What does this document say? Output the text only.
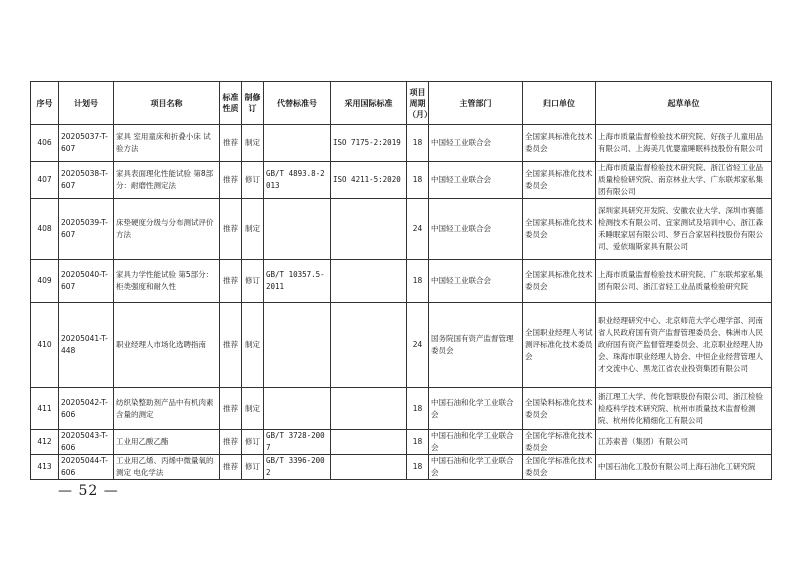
序号	计划号	项目名称	标准性质	制修订	代替标准号	采用国际标准	项目周期（月）	主管部门	归口单位	起草单位
406	20205037-T-607	家具 室用童床和折叠小床 试验方法	推荐	制定		ISO 7175-2:2019	18	中国轻工业联合会	全国家具标准化技术委员会	上海市质量监督检验技术研究院、好孩子儿童用品有限公司、上海美几优婴童睡眠科技股份有限公司
407	20205038-T-607	家具表面理化性能试验 第8部分：耐磨性测定法	推荐	修订	GB/T 4893.8-2013	ISO 4211-5:2020	18	中国轻工业联合会	全国家具标准化技术委员会	上海市质量监督检验技术研究院、浙江省轻工业品质量检验研究院、南京林业大学、广东联邦家私集团有限公司
408	20205039-T-607	床垫硬度分级与分布测试评价方法	推荐	制定			24	中国轻工业联合会	全国家具标准化技术委员会	深圳家具研究开发院、安徽农业大学、深圳市赛德检测技术有限公司、宜家测试及培训中心、浙江森禾睡眠家居有限公司、梦百合家居科技股份有限公司、爱依瑞斯家具有限公司
409	20205040-T-607	家具力学性能试验 第5部分：柜类强度和耐久性	推荐	修订	GB/T 10357.5-2011		18	中国轻工业联合会	全国家具标准化技术委员会	上海市质量监督检验技术研究院、广东联邦家私集团有限公司、浙江省轻工业品质量检验研究院
410	20205041-T-448	职业经理人市场化选聘指南	推荐	制定			24	国务院国有资产监督管理委员会	全国职业经理人考试测评标准化技术委员会	职业经理研究中心、北京师范大学心理学部、河南省人民政府国有资产监督管理委员会、株洲市人民政府国有资产监督管理委员会、北京职业经理人协会、珠海市职业经理人协会、中恒企业经营管理人才交流中心、黑龙江省农业投资集团有限公司
411	20205042-T-606	纺织染整助剂产品中有机肉素含量的测定	推荐	制定			18	中国石油和化学工业联合会	全国染料标准化技术委员会	浙江理工大学、传化智联股份有限公司、浙江检验检疫科学技术研究院、杭州市质量技术监督检测院、杭州传化精细化工有限公司
412	20205043-T-606	工业用乙酸乙酯	推荐	修订	GB/T 3728-2007		18	中国石油和化学工业联合会	全国化学标准化技术委员会	江苏索普（集团）有限公司
413	20205044-T-606	工业用乙烯、丙烯中微量氧的测定 电化学法	推荐	修订	GB/T 3396-2002		18	中国石油和化学工业联合会	全国化学标准化技术委员会	中国石油化工股份有限公司上海石油化工研究院
— 52 —
